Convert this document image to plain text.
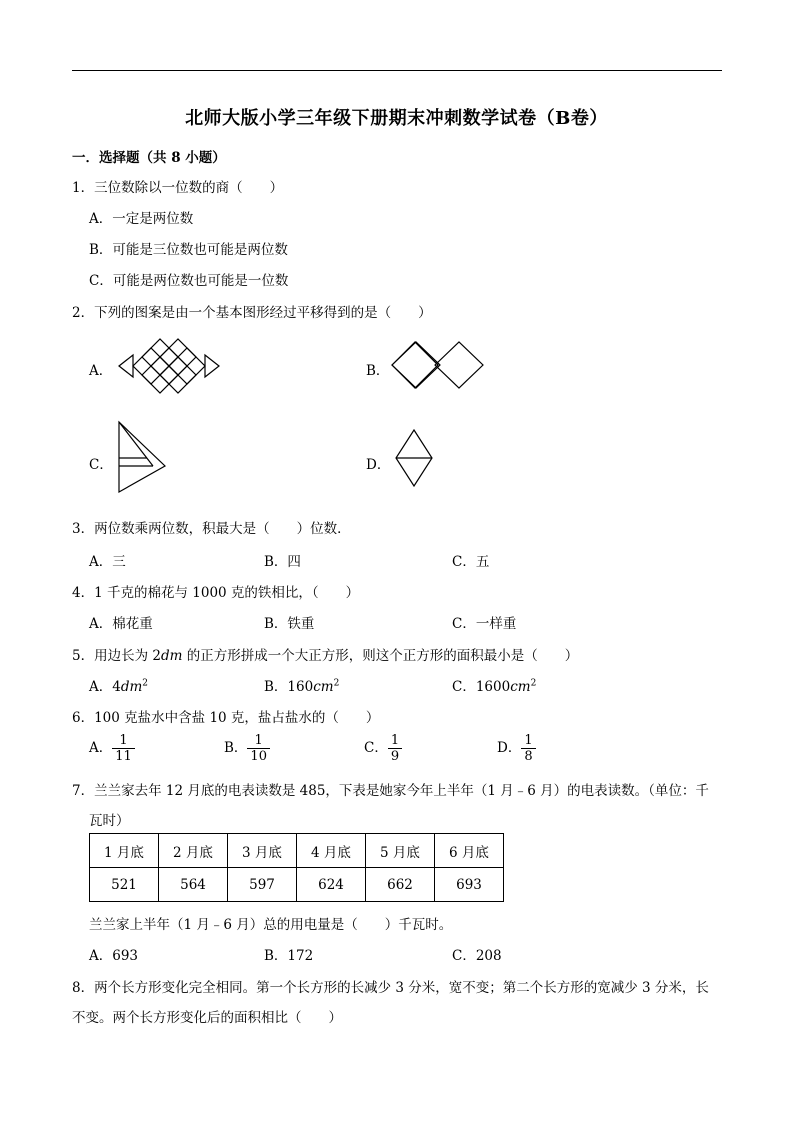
北师大版小学三年级下册期末冲刺数学试卷（B卷）
一．选择题（共 8 小题）
1．三位数除以一位数的商（　　）
A．一定是两位数
B．可能是三位数也可能是两位数
C．可能是两位数也可能是一位数
2．下列的图案是由一个基本图形经过平移得到的是（　　）
A．	B．
C．	D．
3．两位数乘两位数，积最大是（　　）位数．
A．三	B．四	C．五
4．1 千克的棉花与 1000 克的铁相比，（　　）
A．棉花重	B．铁重	C．一样重
5．用边长为 2dm 的正方形拼成一个大正方形，则这个正方形的面积最小是（　　）
A．$4dm^2$	B．$160cm^2$	C．$1600cm^2$
6．100 克盐水中含盐 10 克，盐占盐水的（　　）
A． $\frac{1}{11}$	B． $\frac{1}{10}$	C． $\frac{1}{9}$	D． $\frac{1}{8}$
7．兰兰家去年 12 月底的电表读数是 485，下表是她家今年上半年（1 月﹣6 月）的电表读数。（单位：千
瓦时）
1 月底	2 月底	3 月底	4 月底	5 月底	6 月底
521	564	597	624	662	693
兰兰家上半年（1 月﹣6 月）总的用电量是（　　）千瓦时。
A．693	B．172	C．208
8．两个长方形变化完全相同。第一个长方形的长减少 3 分米，宽不变；第二个长方形的宽减少 3 分米，长
不变。两个长方形变化后的面积相比（　　）
